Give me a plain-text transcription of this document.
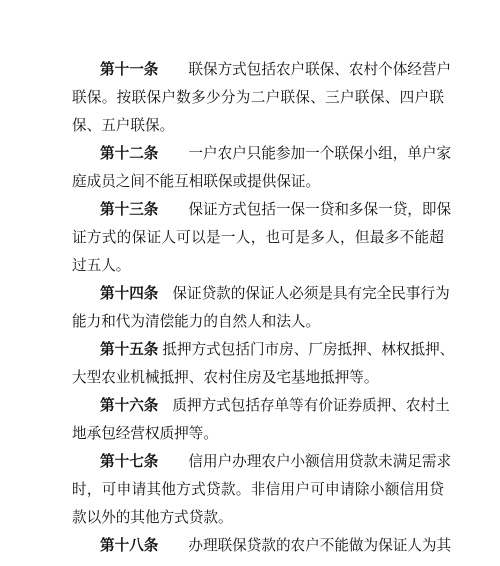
第十一条 联保方式包括农户联保、农村个体经营户
联保。按联保户数多少分为二户联保、三户联保、四户联
保、五户联保。
第十二条 一户农户只能参加一个联保小组，单户家
庭成员之间不能互相联保或提供保证。
第十三条 保证方式包括一保一贷和多保一贷，即保
证方式的保证人可以是一人，也可是多人，但最多不能超
过五人。
第十四条 保证贷款的保证人必须是具有完全民事行为
能力和代为清偿能力的自然人和法人。
第十五条 抵押方式包括门市房、厂房抵押、林权抵押、
大型农业机械抵押、农村住房及宅基地抵押等。
第十六条 质押方式包括存单等有价证券质押、农村土
地承包经营权质押等。
第十七条 信用户办理农户小额信用贷款未满足需求
时，可申请其他方式贷款。非信用户可申请除小额信用贷
款以外的其他方式贷款。
第十八条 办理联保贷款的农户不能做为保证人为其
